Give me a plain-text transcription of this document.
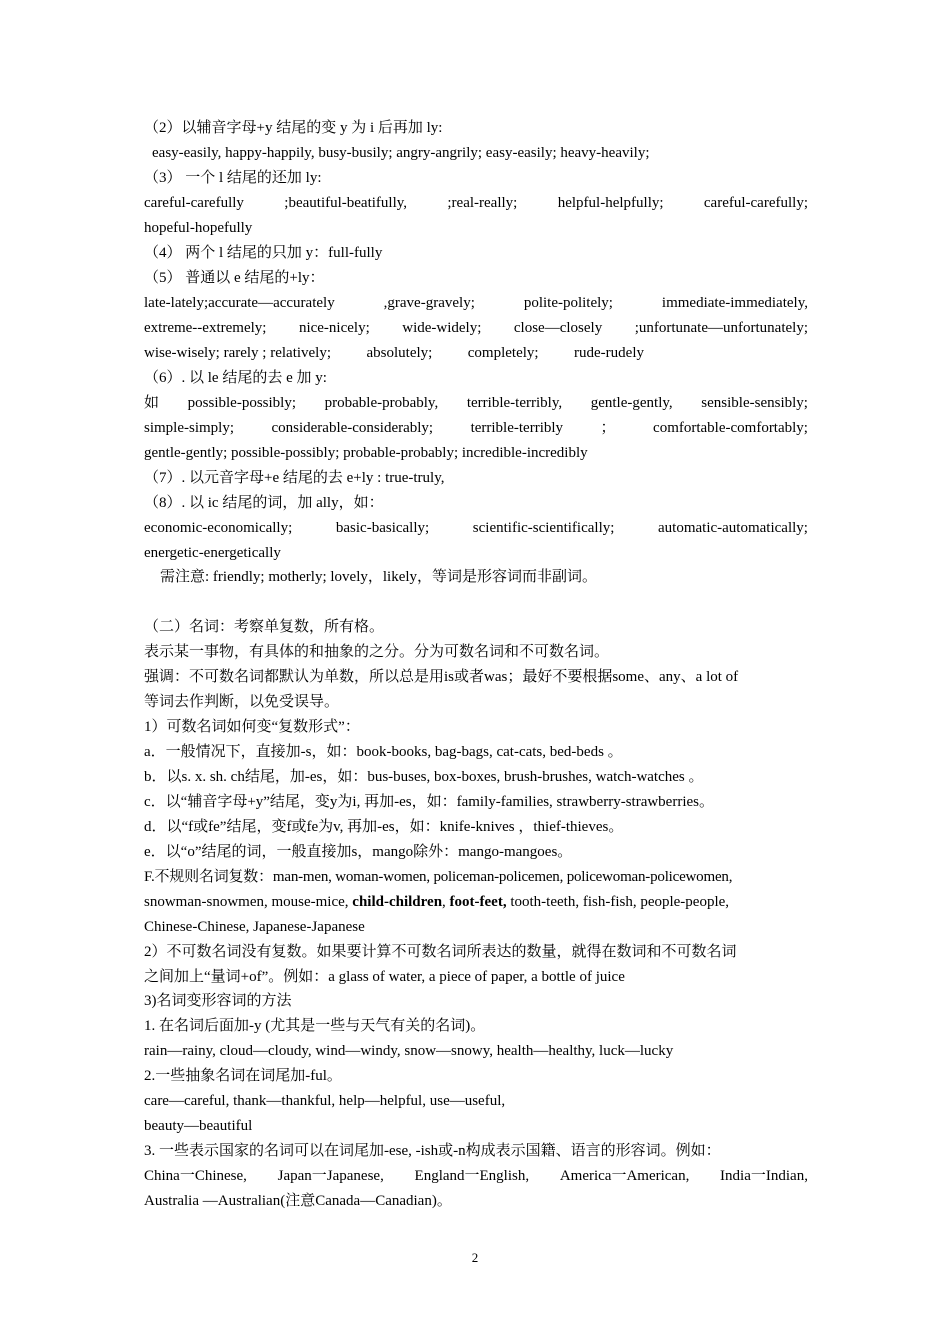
（2）以辅音字母+y 结尾的变 y 为 i 后再加 ly:
easy-easily, happy-happily, busy-busily; angry-angrily; easy-easily; heavy-heavily;
（3） 一个 l 结尾的还加 ly:
careful-carefully	;beautiful-beatifully,	;real-really;	helpful-helpfully;	careful-carefully;
hopeful-hopefully
（4） 两个 l 结尾的只加 y：full-fully
（5） 普通以 e 结尾的+ly：
late-lately;accurate—accurately	,grave-gravely;	polite-politely;	immediate-immediately,
extreme--extremely; nice-nicely; wide-widely; close—closely ;unfortunate—unfortunately;
wise-wisely; rarely ; relatively; absolutely; completely; rude-rudely
（6）. 以 le 结尾的去 e 加 y:
如 possible-possibly; probable-probably, terrible-terribly, gentle-gently, sensible-sensibly;
simple-simply; considerable-considerably; terrible-terribly ； comfortable-comfortably;
gentle-gently; possible-possibly; probable-probably; incredible-incredibly
（7）. 以元音字母+e 结尾的去 e+ly : true-truly,
（8）. 以 ic 结尾的词，加 ally，如：
economic-economically;	basic-basically;	scientific-scientifically;	automatic-automatically;
energetic-energetically
需注意: friendly; motherly; lovely，likely，等词是形容词而非副词。
（二）名词：考察单复数，所有格。
表示某一事物，有具体的和抽象的之分。分为可数名词和不可数名词。
强调：不可数名词都默认为单数，所以总是用is或者was；最好不要根据some、any、a lot of
等词去作判断，以免受误导。
1）可数名词如何变“复数形式”：
a．一般情况下，直接加-s，如：book-books, bag-bags, cat-cats, bed-beds 。
b．以s. x. sh. ch结尾，加-es，如：bus-buses, box-boxes, brush-brushes, watch-watches 。
c．以“辅音字母+y”结尾，变y为i, 再加-es，如：family-families, strawberry-strawberries。
d．以“f或fe”结尾，变f或fe为v, 再加-es，如：knife-knives ，thief-thieves。
e．以“o”结尾的词，一般直接加s，mango除外：mango-mangoes。
F.不规则名词复数：man-men, woman-women, policeman-policemen, policewoman-policewomen,
snowman-snowmen, mouse-mice, child-children, foot-feet, tooth-teeth, fish-fish, people-people,
Chinese-Chinese, Japanese-Japanese
2）不可数名词没有复数。如果要计算不可数名词所表达的数量，就得在数词和不可数名词
之间加上“量词+of”。例如：a glass of water, a piece of paper, a bottle of juice
3)名词变形容词的方法
1. 在名词后面加-y (尤其是一些与天气有关的名词)。
rain—rainy, cloud—cloudy, wind—windy, snow—snowy, health—healthy, luck—lucky
2.一些抽象名词在词尾加-ful。
care—careful, thank—thankful, help—helpful, use—useful,
beauty—beautiful
3. 一些表示国家的名词可以在词尾加-ese, -ish或-n构成表示国籍、语言的形容词。例如：
China一Chinese, Japan一Japanese, England一English, America一American, India一Indian,
Australia —Australian(注意Canada—Canadian)。
2
